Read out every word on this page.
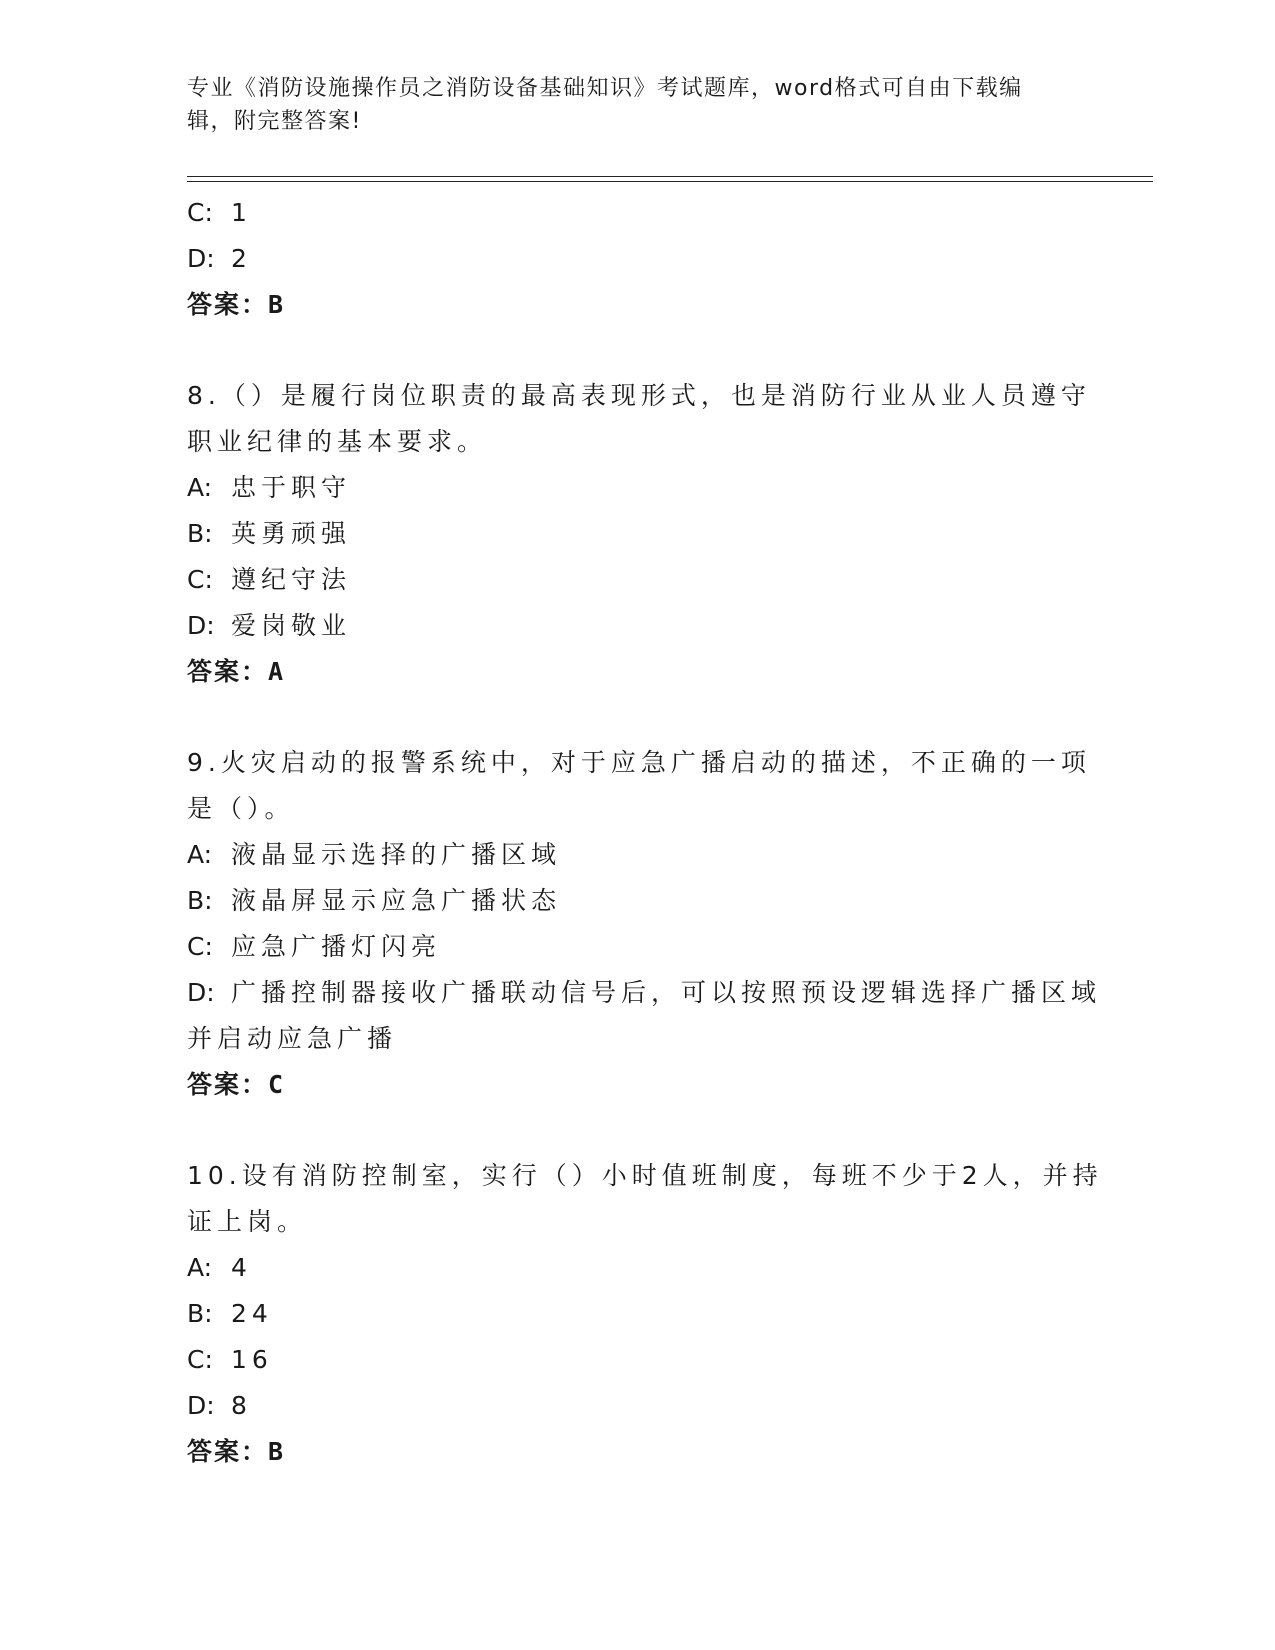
专业《消防设施操作员之消防设备基础知识》考试题库，word格式可自由下载编辑，附完整答案!
C: 1
D: 2
答案：B
8.（）是履行岗位职责的最高表现形式，也是消防行业从业人员遵守
职业纪律的基本要求。
A: 忠于职守
B: 英勇顽强
C: 遵纪守法
D: 爱岗敬业
答案：A
9.火灾启动的报警系统中，对于应急广播启动的描述，不正确的一项
是（）。
A: 液晶显示选择的广播区域
B: 液晶屏显示应急广播状态
C: 应急广播灯闪亮
D: 广播控制器接收广播联动信号后，可以按照预设逻辑选择广播区域
并启动应急广播
答案：C
10.设有消防控制室，实行（）小时值班制度，每班不少于2人，并持
证上岗。
A: 4
B: 24
C: 16
D: 8
答案：B
